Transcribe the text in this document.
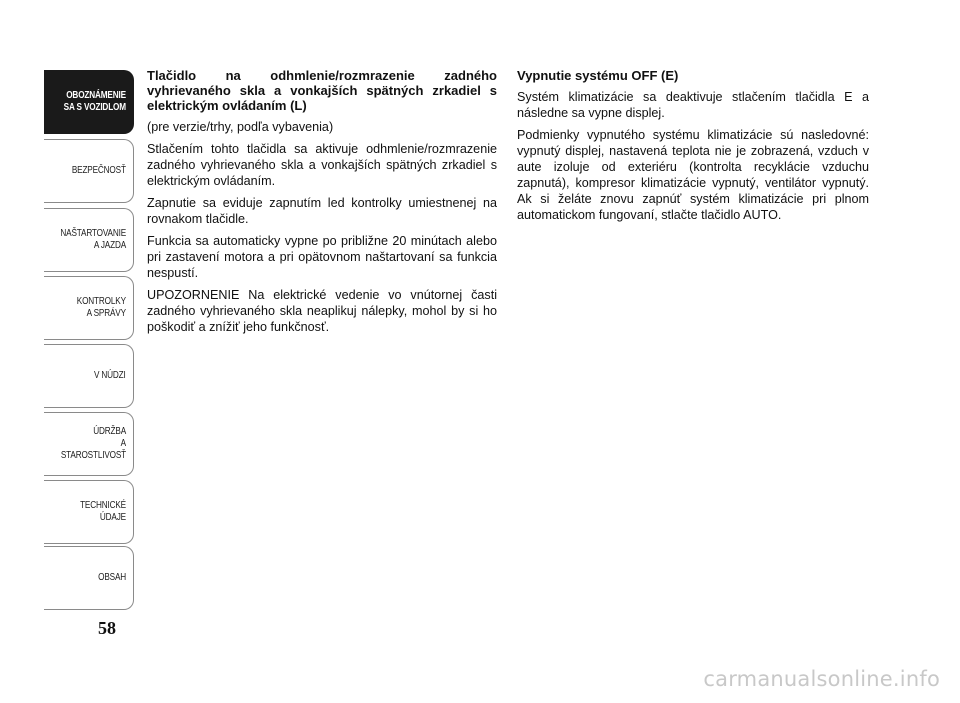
OBOZNÁMENIE
SA S VOZIDLOM
BEZPEČNOSŤ
NAŠTARTOVANIE
A JAZDA
KONTROLKY
A SPRÁVY
V NÚDZI
ÚDRŽBA
A STAROSTLIVOSŤ
TECHNICKÉ
ÚDAJE
OBSAH
58

Tlačidlo na odhmlenie/rozmrazenie zadného vyhrievaného skla a vonkajších spätných zrkadiel s elektrickým ovládaním (L)

(pre verzie/trhy, podľa vybavenia)

Stlačením tohto tlačidla sa aktivuje odhmlenie/rozmrazenie zadného vyhrievaného skla a vonkajších spätných zrkadiel s elektrickým ovládaním.

Zapnutie sa eviduje zapnutím led kontrolky umiestnenej na rovnakom tlačidle.

Funkcia sa automaticky vypne po približne 20 minútach alebo pri zastavení motora a pri opätovnom naštartovaní sa funkcia nespustí.

UPOZORNENIE Na elektrické vedenie vo vnútornej časti zadného vyhrievaného skla neaplikuj nálepky, mohol by si ho poškodiť a znížiť jeho funkčnosť.

Vypnutie systému OFF (E)

Systém klimatizácie sa deaktivuje stlačením tlačidla E a následne sa vypne displej.

Podmienky vypnutého systému klimatizácie sú nasledovné: vypnutý displej, nastavená teplota nie je zobrazená, vzduch v aute izoluje od exteriéru (kontrolta recyklácie vzduchu zapnutá), kompresor klimatizácie vypnutý, ventilátor vypnutý. Ak si želáte znovu zapnúť systém klimatizácie pri plnom automatickom fungovaní, stlačte tlačidlo AUTO.

carmanualsonline.info
